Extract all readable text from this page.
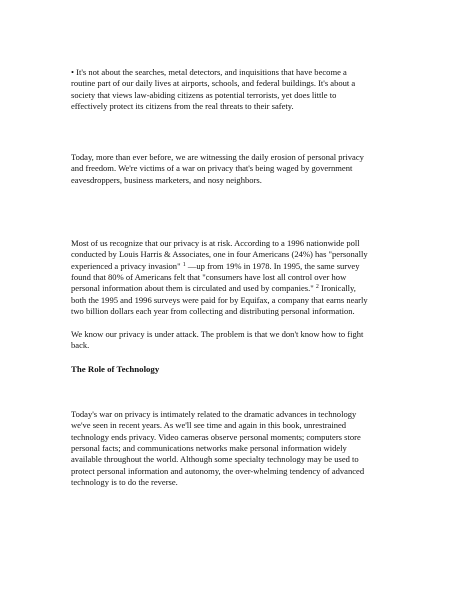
• It's not about the searches, metal detectors, and inquisitions that have become a
routine part of our daily lives at airports, schools, and federal buildings. It's about a
society that views law-abiding citizens as potential terrorists, yet does little to
effectively protect its citizens from the real threats to their safety.

Today, more than ever before, we are witnessing the daily erosion of personal privacy
and freedom. We're victims of a war on privacy that's being waged by government
eavesdroppers, business marketers, and nosy neighbors.

Most of us recognize that our privacy is at risk. According to a 1996 nationwide poll
conducted by Louis Harris & Associates, one in four Americans (24%) has "personally
experienced a privacy invasion" $^1$ —up from 19% in 1978. In 1995, the same survey
found that 80% of Americans felt that "consumers have lost all control over how
personal information about them is circulated and used by companies." $^2$ Ironically,
both the 1995 and 1996 surveys were paid for by Equifax, a company that earns nearly
two billion dollars each year from collecting and distributing personal information.

We know our privacy is under attack. The problem is that we don't know how to fight
back.

The Role of Technology

Today's war on privacy is intimately related to the dramatic advances in technology
we've seen in recent years. As we'll see time and again in this book, unrestrained
technology ends privacy. Video cameras observe personal moments; computers store
personal facts; and communications networks make personal information widely
available throughout the world. Although some specialty technology may be used to
protect personal information and autonomy, the over-whelming tendency of advanced
technology is to do the reverse.
